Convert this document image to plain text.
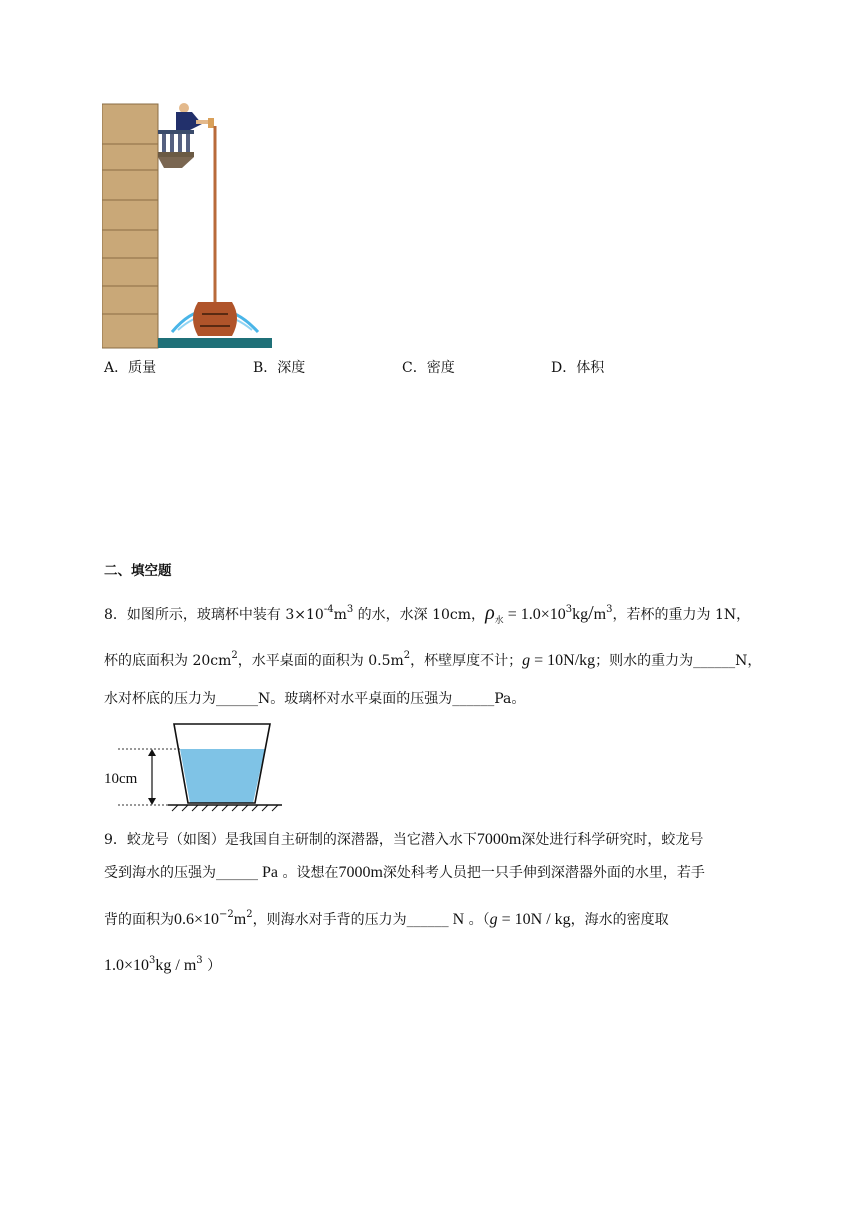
A．质量	B．深度	C．密度	D．体积
二、填空题
8．如图所示，玻璃杯中装有 $3\times 10^{-4}m^3$ 的水，水深 10cm，$\rho_水 = 1.0\times 10^3kg/m^3$，若杯的重力为 1N，
杯的底面积为 $20cm^2$，水平桌面的面积为 $0.5m^2$，杯壁厚度不计；g = 10N/kg；则水的重力为______N，
水对杯底的压力为______N。玻璃杯对水平桌面的压强为______Pa。
10cm
9．蛟龙号（如图）是我国自主研制的深潜器，当它潜入水下7000m深处进行科学研究时，蛟龙号
受到海水的压强为______ Pa 。设想在7000m深处科考人员把一只手伸到深潜器外面的水里，若手
背的面积为$0.6\times 10^{-2}m^2$，则海水对手背的压力为______ N 。（g = 10N / kg，海水的密度取
$1.0\times 10^3kg / m^3$ ）
